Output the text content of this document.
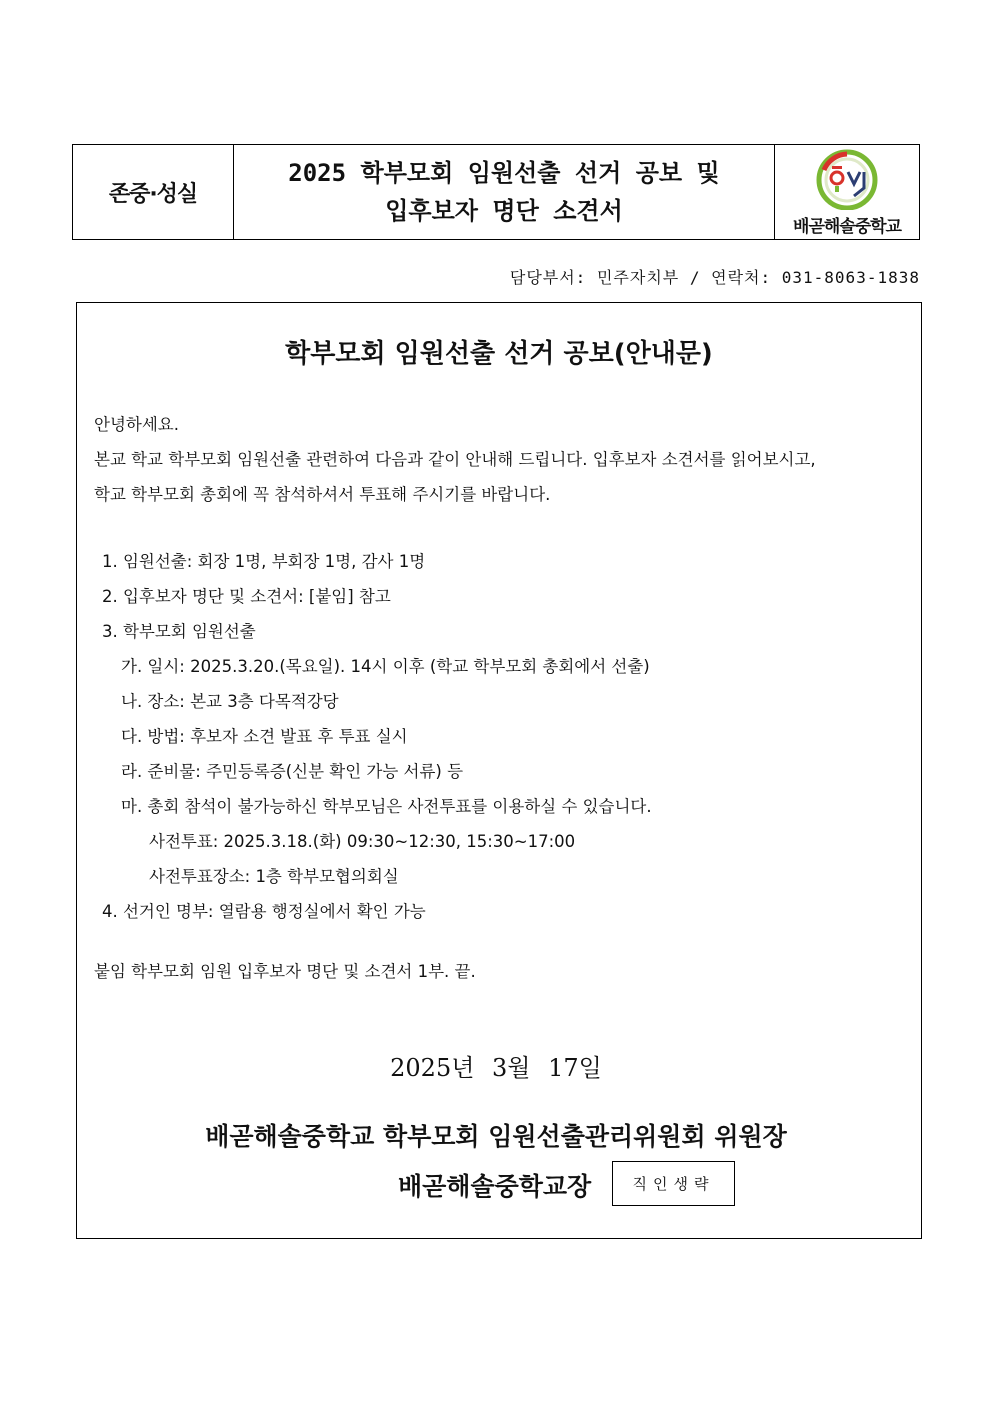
존중·성실
2025 학부모회 임원선출 선거 공보 및
입후보자 명단 소견서
배곧해솔중학교
담당부서: 민주자치부 / 연락처: 031-8063-1838
학부모회 임원선출 선거 공보(안내문)

안녕하세요.

본교 학교 학부모회 임원선출 관련하여 다음과 같이 안내해 드립니다. 입후보자 소견서를 읽어보시고,

학교 학부모회 총회에 꼭 참석하셔서 투표해 주시기를 바랍니다.

1. 임원선출: 회장 1명, 부회장 1명, 감사 1명
2. 입후보자 명단 및 소견서: [붙임] 참고
3. 학부모회 임원선출
가. 일시: 2025.3.20.(목요일). 14시 이후 (학교 학부모회 총회에서 선출)
나. 장소: 본교 3층 다목적강당
다. 방법: 후보자 소견 발표 후 투표 실시
라. 준비물: 주민등록증(신분 확인 가능 서류) 등
마. 총회 참석이 불가능하신 학부모님은 사전투표를 이용하실 수 있습니다.
사전투표: 2025.3.18.(화) 09:30~12:30, 15:30~17:00
사전투표장소: 1층 학부모협의회실
4. 선거인 명부: 열람용 행정실에서 확인 가능
붙임 학부모회 임원 입후보자 명단 및 소견서 1부. 끝.
2025년 3월 17일
배곧해솔중학교 학부모회 임원선출관리위원회 위원장
배곧해솔중학교장	직인생략
